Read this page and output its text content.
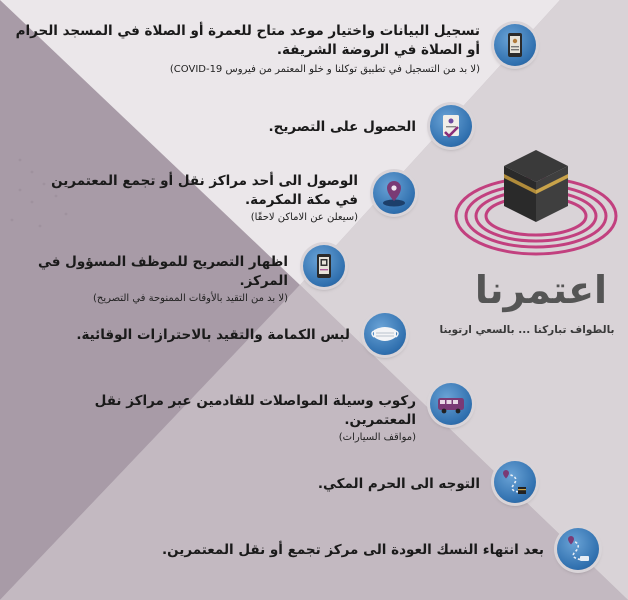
تسجيل البيانات واختيار موعد متاح للعمرة أو الصلاة في المسجد الحرام أو الصلاة في الروضة الشريفة.
(لا بد من التسجيل في تطبيق توكلنا و خلو المعتمر من فيروس COVID-19)
الحصول على التصريح.
الوصول الى أحد مراكز نقل أو تجمع المعتمرين في مكة المكرمة.
(سيعلن عن الاماكن لاحقًا)
اظهار التصريح للموظف المسؤول في المركز.
(لا بد من التقيد بالأوقات الممنوحة في التصريح)
لبس الكمامة والتقيد بالاحترازات الوقائية.
ركوب وسيلة المواصلات للقادمين عبر مراكز نقل المعتمرين.
(مواقف السيارات)
التوجه الى الحرم المكي.
بعد انتهاء النسك العودة الى مركز تجمع أو نقل المعتمرين.
اعتمرنا
بالطواف تباركنا ... بالسعي ارتوينا
